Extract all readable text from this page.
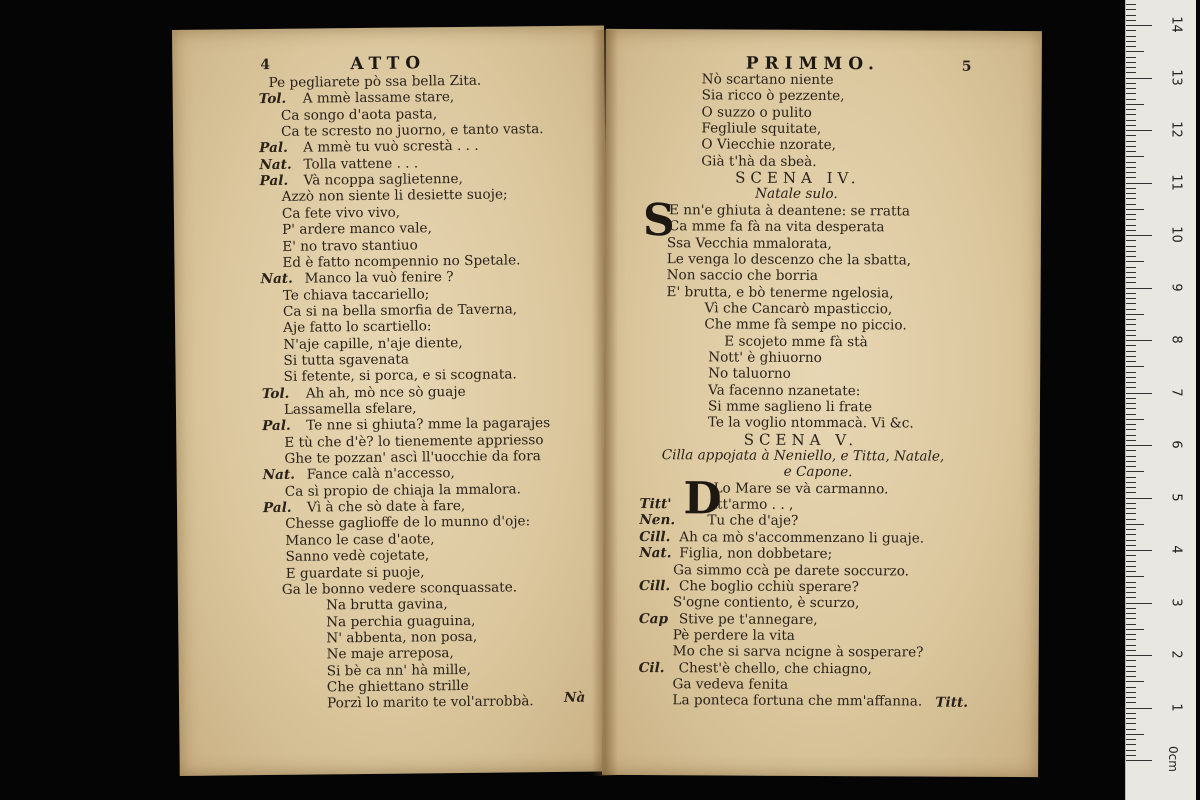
4	ATTO
Pe pegliarete pò ssa bella Zita.
Tol. A mmè lassame stare,
Ca songo d'aota pasta,
Ca te scresto no juorno, e tanto vasta.
Pal. A mmè tu vuò screstà . . .
Nat. Tolla vattene . . .
Pal. Và ncoppa saglietenne,
Azzò non siente li desiette suoje;
Ca fete vivo vivo,
P' ardere manco vale,
E' no travo stantiuo
Ed è fatto ncompennio no Spetale.
Nat. Manco la vuò fenire ?
Te chiava taccariello;
Ca si na bella smorfia de Taverna,
Aje fatto lo scartiello:
N'aje capille, n'aje diente,
Si tutta sgavenata
Si fetente, si porca, e si scognata.
Tol. Ah ah, mò nce sò guaje
Lassamella sfelare,
Pal. Te nne si ghiuta? mme la pagarajes
E tù che d'è? lo tienemente appriesso
Ghe te pozzan' ascì ll'uocchie da fora
Nat. Fance calà n'accesso,
Ca sì propio de chiaja la mmalora.
Pal. Vì à che sò date à fare,
Chesse gaglioffe de lo munno d'oje:
Manco le case d'aote,
Sanno vedè cojetate,
E guardate si puoje,
Ga le bonno vedere sconquassate.
Na brutta gavina,
Na perchia guaguina,
N' abbenta, non posa,
Ne maje arreposa,
Si bè ca nn' hà mille,
Che ghiettano strille
Porzì lo marito te vol'arrobbà. Nà
PRIMMO.	5
Nò scartano niente
Sia ricco ò pezzente,
O suzzo o pulito
Fegliule squitate,
O Viecchie nzorate,
Già t'hà da sbeà.
SCENA IV.
Natale sulo.
E nn'e ghiuta à deantene: se rratta
Ca mme fa fà na vita desperata
Ssa Vecchia mmalorata,
Le venga lo descenzo che la sbatta,
Non saccio che borria
E' brutta, e bò tenerme ngelosia,
Vì che Cancarò mpasticcio,
Che mme fà sempe no piccio.
E scojeto mme fà stà
Nott' è ghiuorno
No taluorno
Va facenno nzanetate:
Si mme saglieno li frate
Te la voglio ntommacà. Vi &c.
SCENA V.
Cilla appojata à Neniello, e Titta, Natale,
e Capone.
Lo Mare se và carmanno.
Titt'	Att'armo . . ,
Nen. Tu che d'aje?
Cill. Ah ca mò s'accommenzano li guaje.
Nat. Figlia, non dobbetare;
Ga simmo ccà pe darete soccurzo.
Cill. Che boglio cchiù sperare?
S'ogne contiento, è scurzo,
Cap Stive pe t'annegare,
Pè perdere la vita
Mo che si sarva ncigne à sosperare?
Cil. Chest'è chello, che chiagno,
Ga vedeva fenita
La ponteca fortuna che mm'affanna.
S
D
Titt.
0cm
14
13
12
11
10
9
8
7
6
5
4
3
2
1
